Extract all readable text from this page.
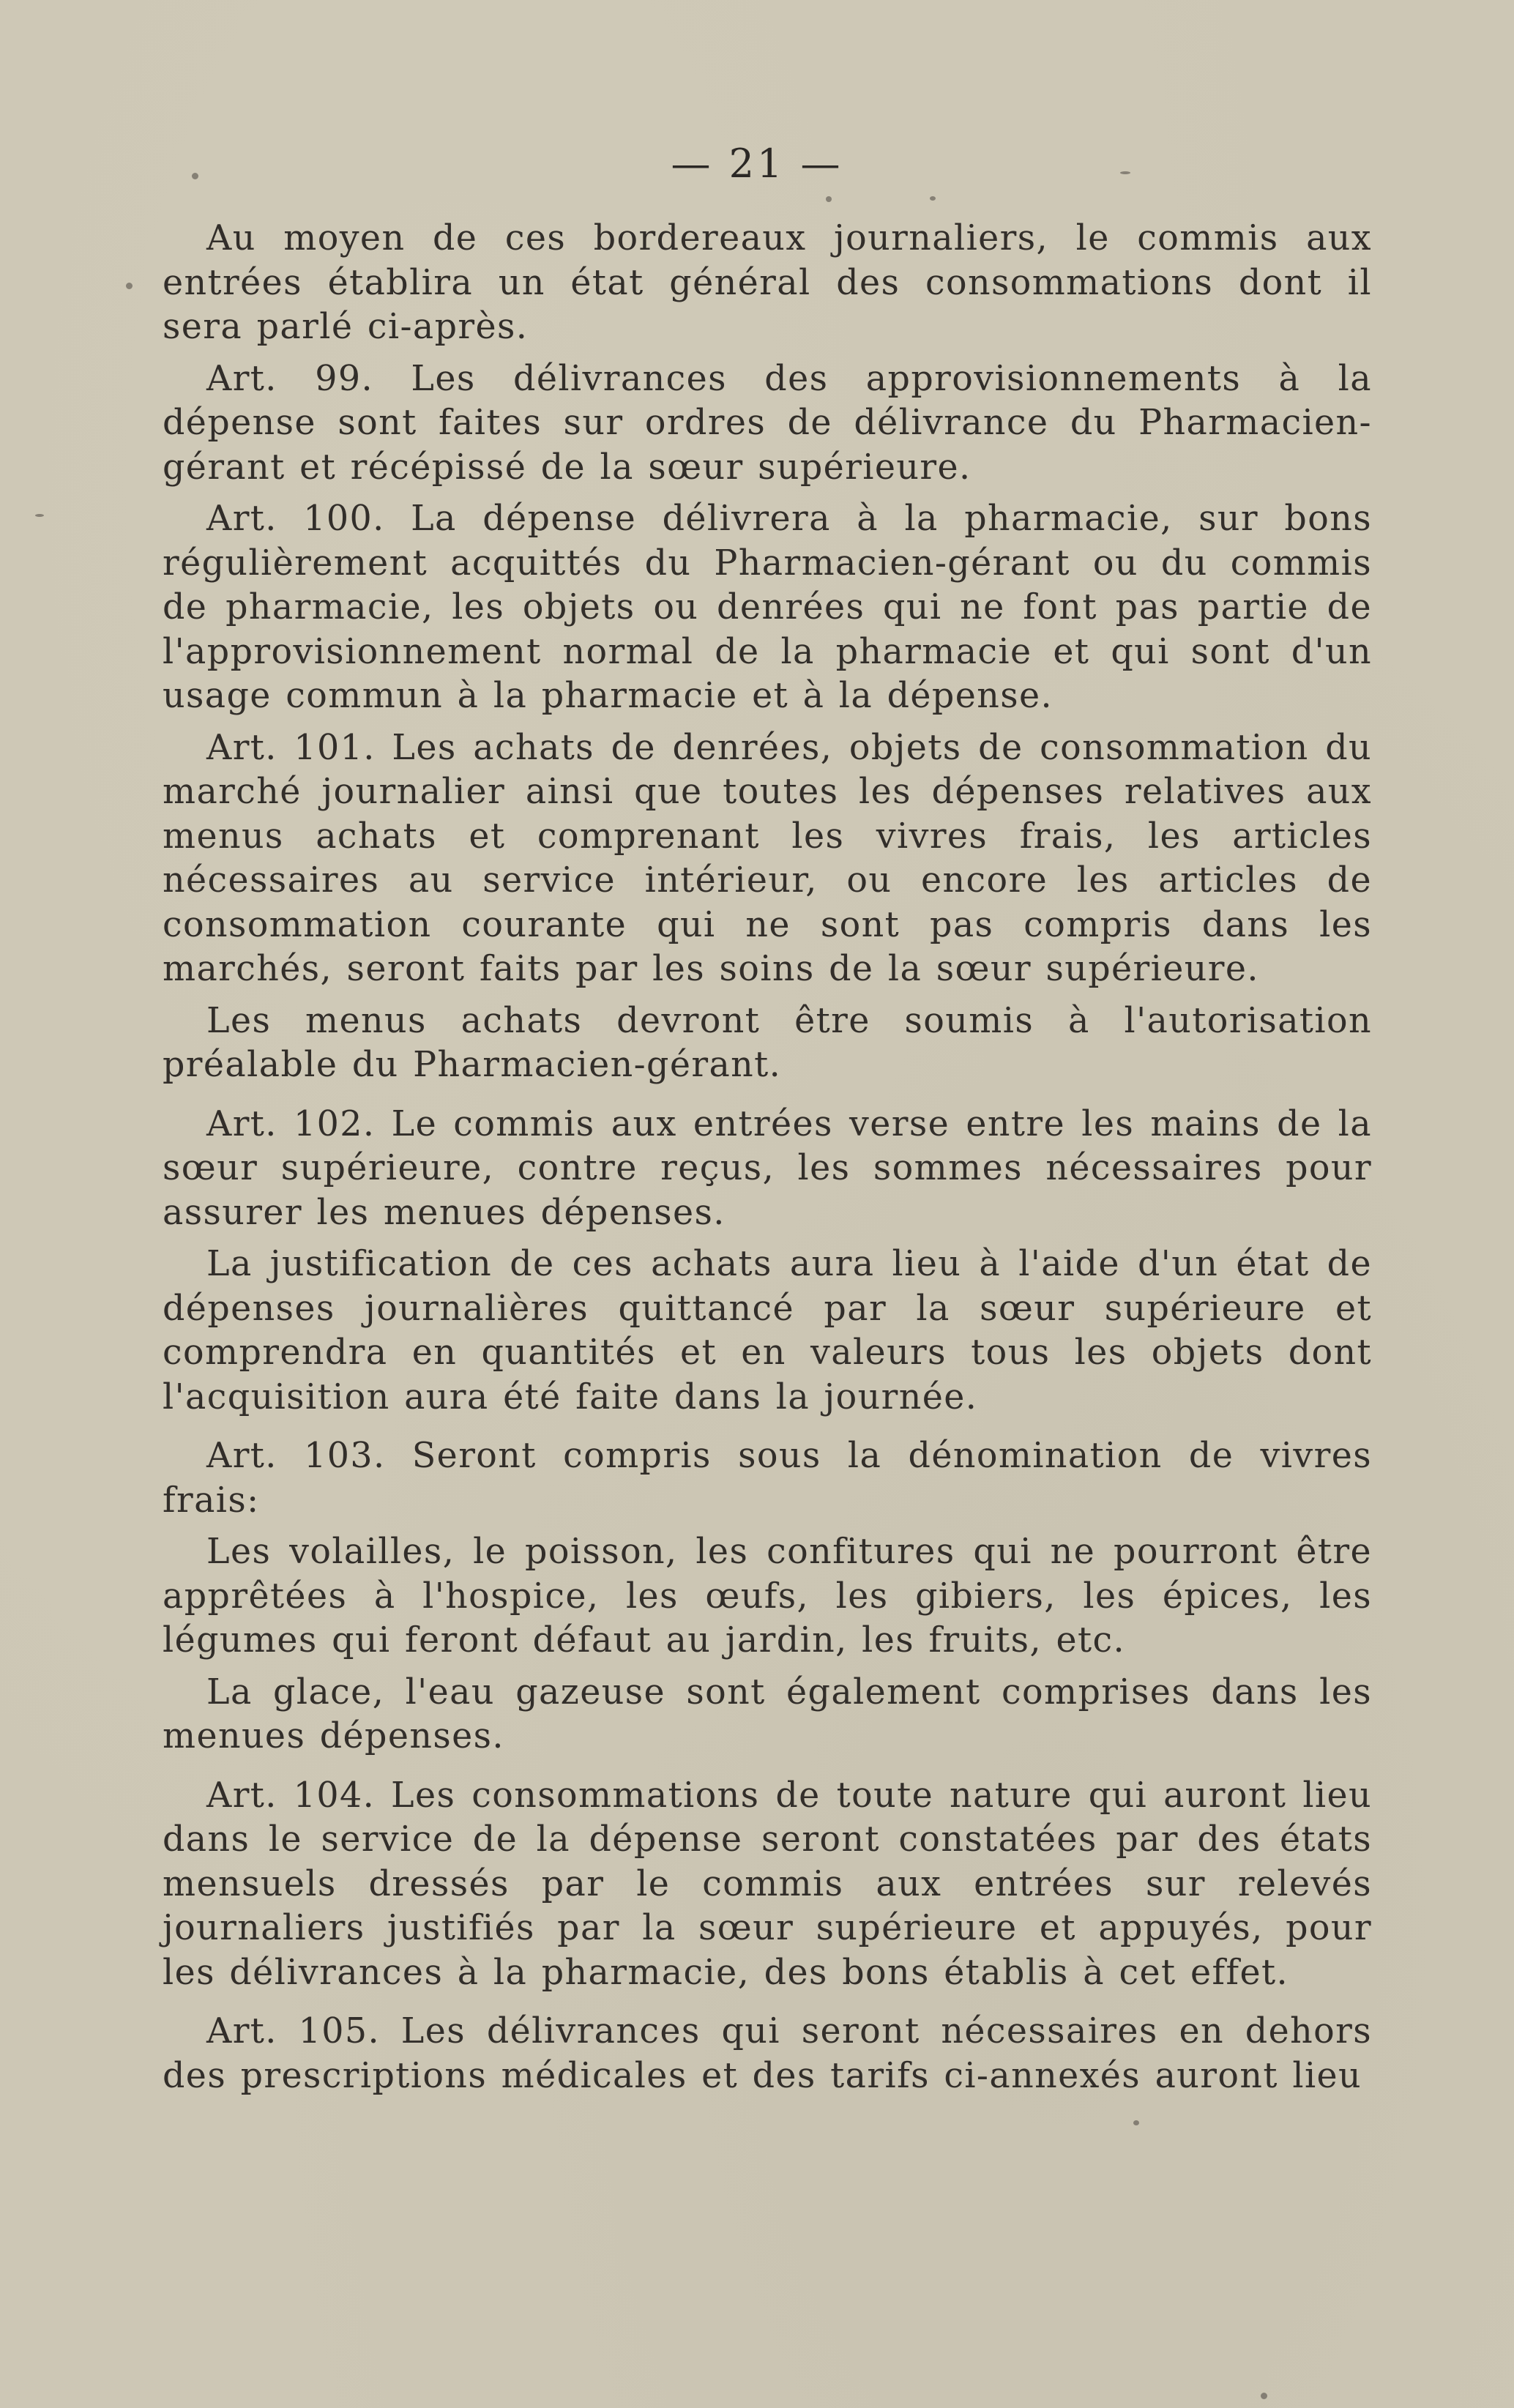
— 21 —

Au moyen de ces bordereaux journaliers, le commis aux entrées établira un état général des consommations dont il sera parlé ci-après.

Art. 99. Les délivrances des approvisionnements à la dépense sont faites sur ordres de délivrance du Pharmacien-gérant et récépissé de la sœur supérieure.

Art. 100. La dépense délivrera à la pharmacie, sur bons régulièrement acquittés du Pharmacien-gérant ou du commis de pharmacie, les objets ou denrées qui ne font pas partie de l'approvisionnement normal de la pharmacie et qui sont d'un usage commun à la pharmacie et à la dépense.

Art. 101. Les achats de denrées, objets de consommation du marché journalier ainsi que toutes les dépenses relatives aux menus achats et comprenant les vivres frais, les articles nécessaires au service intérieur, ou encore les articles de consommation courante qui ne sont pas compris dans les marchés, seront faits par les soins de la sœur supérieure.

Les menus achats devront être soumis à l'autorisation préalable du Pharmacien-gérant.

Art. 102. Le commis aux entrées verse entre les mains de la sœur supérieure, contre reçus, les sommes nécessaires pour assurer les menues dépenses.

La justification de ces achats aura lieu à l'aide d'un état de dépenses journalières quittancé par la sœur supérieure et comprendra en quantités et en valeurs tous les objets dont l'acquisition aura été faite dans la journée.

Art. 103. Seront compris sous la dénomination de vivres frais:

Les volailles, le poisson, les confitures qui ne pourront être apprêtées à l'hospice, les œufs, les gibiers, les épices, les légumes qui feront défaut au jardin, les fruits, etc.

La glace, l'eau gazeuse sont également comprises dans les menues dépenses.

Art. 104. Les consommations de toute nature qui auront lieu dans le service de la dépense seront constatées par des états mensuels dressés par le commis aux entrées sur relevés journaliers justifiés par la sœur supérieure et appuyés, pour les délivrances à la pharmacie, des bons établis à cet effet.

Art. 105. Les délivrances qui seront nécessaires en dehors des prescriptions médicales et des tarifs ci-annexés auront lieu
